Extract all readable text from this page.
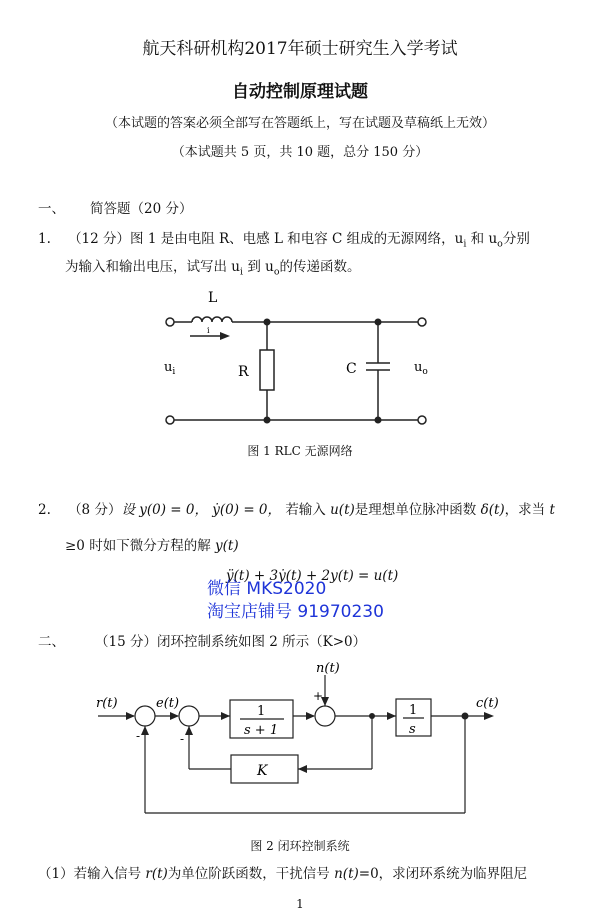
航天科研机构2017年硕士研究生入学考试
自动控制原理试题
（本试题的答案必须全部写在答题纸上，写在试题及草稿纸上无效）
（本试题共 5 页，共 10 题，总分 150 分）
一、 简答题（20 分）
1. （12 分）图 1 是由电阻 R、电感 L 和电容 C 组成的无源网络，$u_i$ 和 $u_o$分别
为输入和输出电压，试写出 $u_i$ 到 $u_o$的传递函数。
L
i
R	C
$u_i$	$u_o$
图 1 RLC 无源网络
2. （8 分）设 y(0) = 0， ẏ(0) = 0， 若输入 u(t)是理想单位脉冲函数 δ(t)，求当 t
≥0 时如下微分方程的解 y(t)
ÿ(t) + 3ẏ(t) + 2y(t) = u(t)
微信 MKS2020
淘宝店铺号 91970230
二、 （15 分）闭环控制系统如图 2 所示（K>0）
r(t)	e(t)
n(t)
c(t)
+
-	-
1
s + 1
1
s
K
图 2 闭环控制系统
（1）若输入信号 r(t)为单位阶跃函数，干扰信号 n(t)=0，求闭环系统为临界阻尼
1
